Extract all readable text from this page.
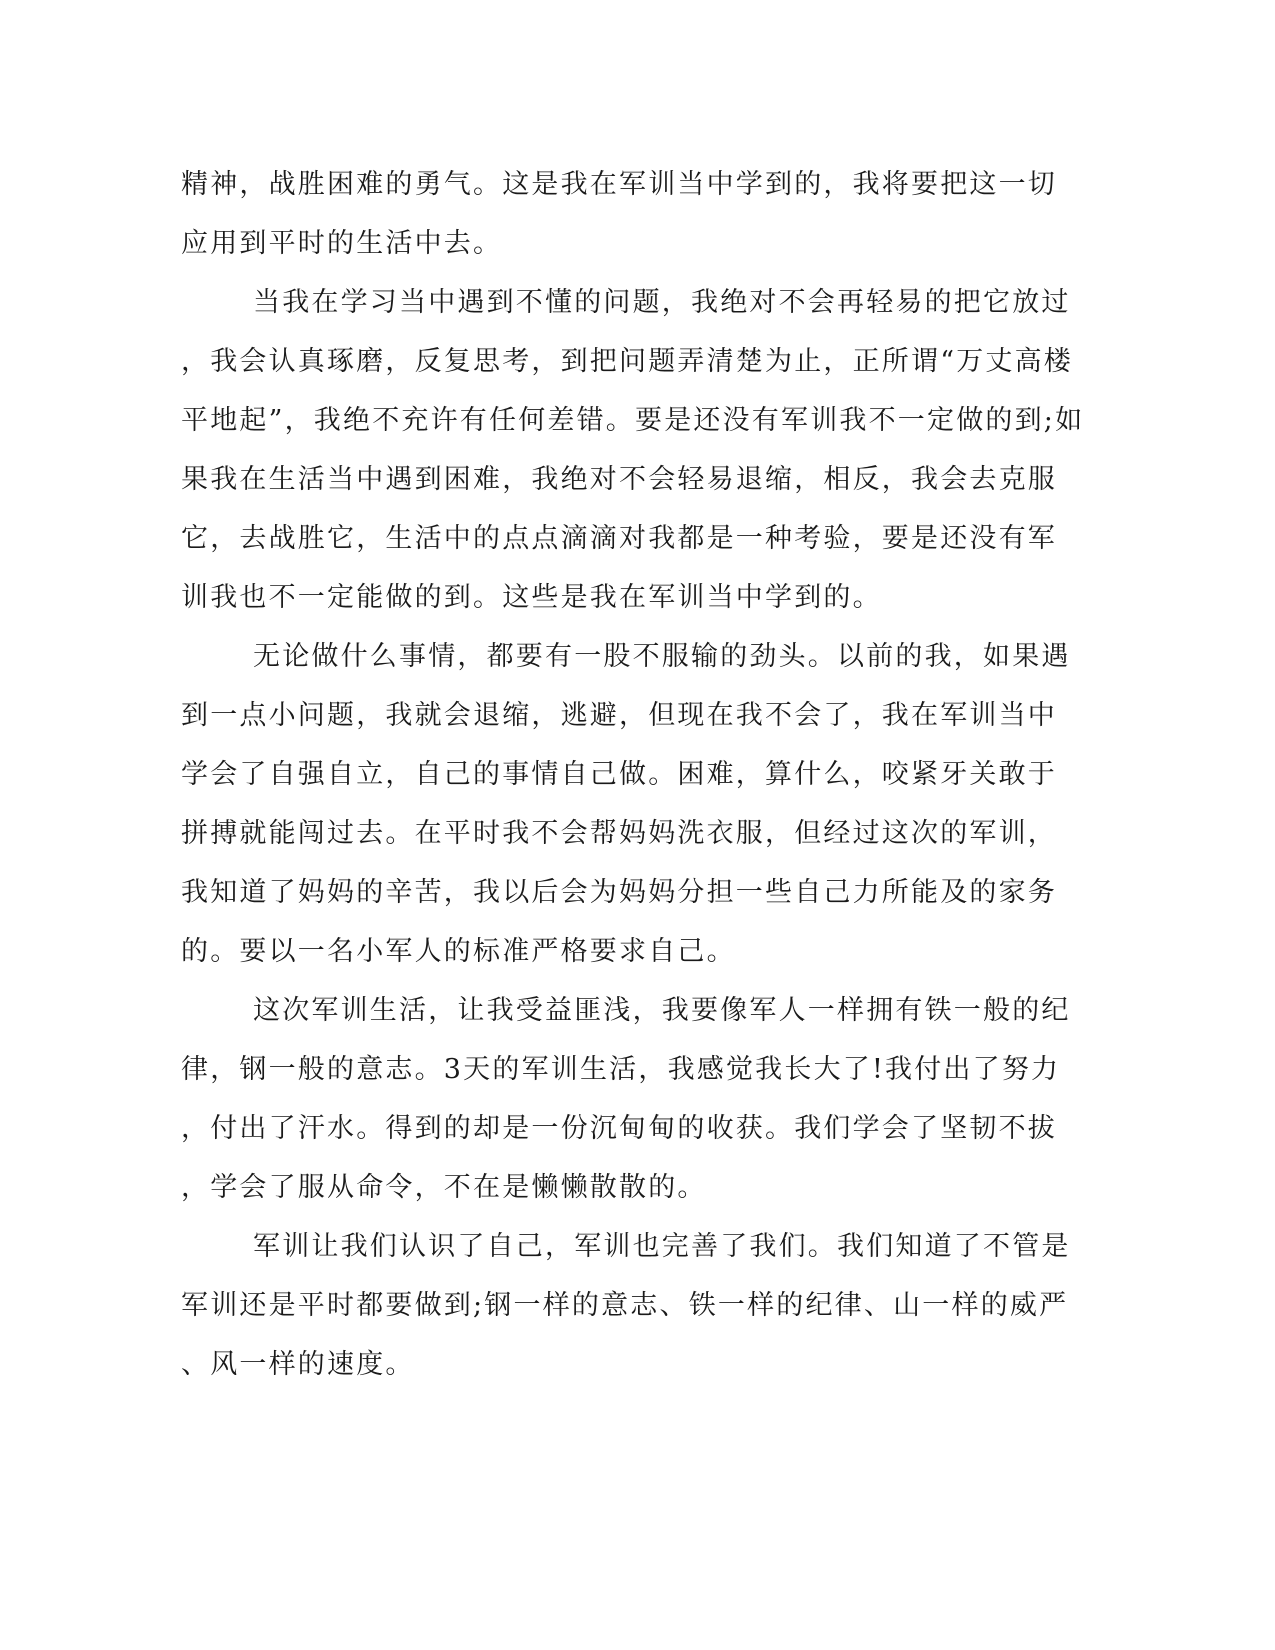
精神，战胜困难的勇气。这是我在军训当中学到的，我将要把这一切
应用到平时的生活中去。
当我在学习当中遇到不懂的问题，我绝对不会再轻易的把它放过
，我会认真琢磨，反复思考，到把问题弄清楚为止，正所谓“万丈高楼
平地起”，我绝不充许有任何差错。要是还没有军训我不一定做的到;如
果我在生活当中遇到困难，我绝对不会轻易退缩，相反，我会去克服
它，去战胜它，生活中的点点滴滴对我都是一种考验，要是还没有军
训我也不一定能做的到。这些是我在军训当中学到的。
无论做什么事情，都要有一股不服输的劲头。以前的我，如果遇
到一点小问题，我就会退缩，逃避，但现在我不会了，我在军训当中
学会了自强自立，自己的事情自己做。困难，算什么，咬紧牙关敢于
拼搏就能闯过去。在平时我不会帮妈妈洗衣服，但经过这次的军训，
我知道了妈妈的辛苦，我以后会为妈妈分担一些自己力所能及的家务
的。要以一名小军人的标准严格要求自己。
这次军训生活，让我受益匪浅，我要像军人一样拥有铁一般的纪
律，钢一般的意志。3天的军训生活，我感觉我长大了!我付出了努力
，付出了汗水。得到的却是一份沉甸甸的收获。我们学会了坚韧不拔
，学会了服从命令，不在是懒懒散散的。
军训让我们认识了自己，军训也完善了我们。我们知道了不管是
军训还是平时都要做到;钢一样的意志、铁一样的纪律、山一样的威严
、风一样的速度。
